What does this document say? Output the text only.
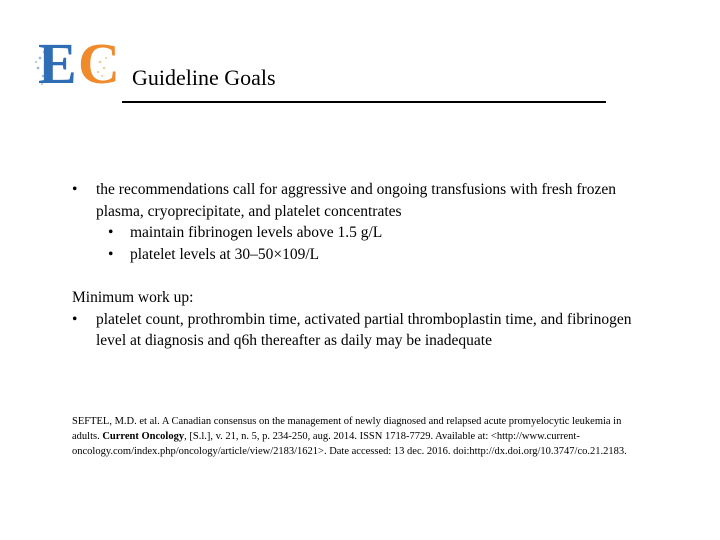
E C Guideline Goals
• the recommendations call for aggressive and ongoing transfusions with fresh frozen plasma, cryoprecipitate, and platelet concentrates
• maintain fibrinogen levels above 1.5 g/L
• platelet levels at 30–50×109/L
Minimum work up:
• platelet count, prothrombin time, activated partial thromboplastin time, and fibrinogen level at diagnosis and q6h thereafter as daily may be inadequate
SEFTEL, M.D. et al. A Canadian consensus on the management of newly diagnosed and relapsed acute promyelocytic leukemia in adults. Current Oncology, [S.l.], v. 21, n. 5, p. 234-250, aug. 2014. ISSN 1718-7729. Available at: <http://www.current-oncology.com/index.php/oncology/article/view/2183/1621>. Date accessed: 13 dec. 2016. doi:http://dx.doi.org/10.3747/co.21.2183.
